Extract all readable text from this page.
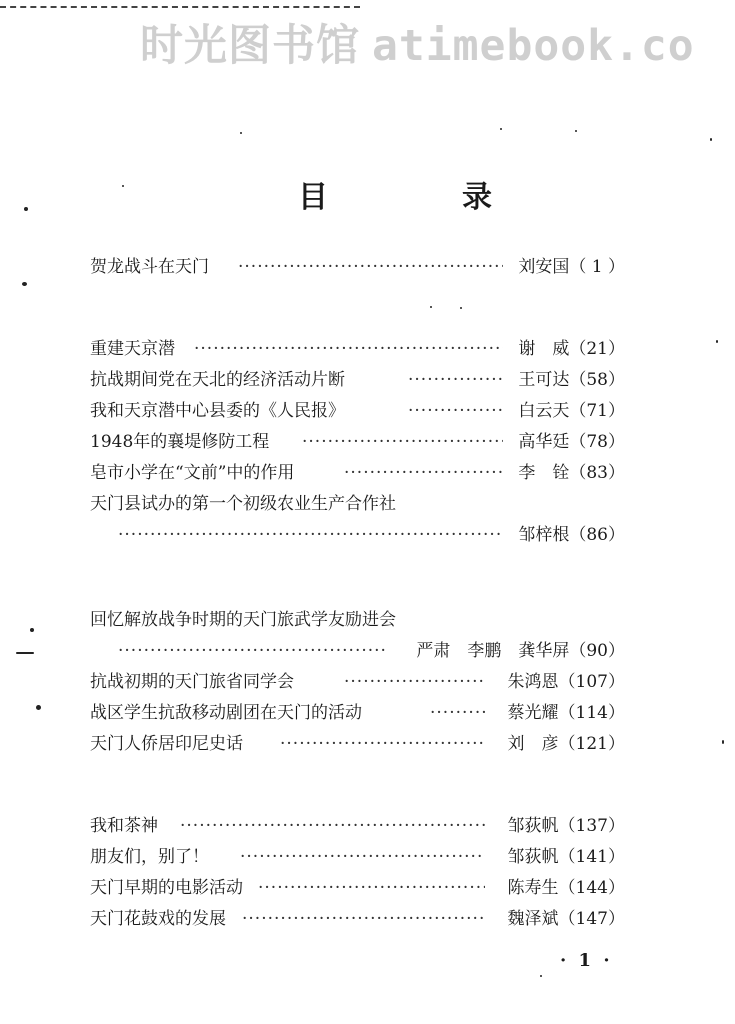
时光图书馆 atimebook.co
目　录
贺龙战斗在天门 ·····	刘安国（ 1 ）
重建天京潜 ·····	谢　威（21）
抗战期间党在天北的经济活动片断 ·····	王可达（58）
我和天京潜中心县委的《人民报》 ·····	白云天（71）
1948年的襄堤修防工程 ·····	高华廷（78）
皂市小学在“文前”中的作用 ·····	李　铨（83）
天门县试办的第一个初级农业生产合作社
·····
邹梓根（86）
回忆解放战争时期的天门旅武学友励进会
·····
严肃　李鹏　龚华屏（90）
抗战初期的天门旅省同学会 ·····	朱鸿恩（107）
战区学生抗敌移动剧团在天门的活动 ·····	蔡光耀（114）
天门人侨居印尼史话 ·····	刘　彦（121）
我和茶神 ·····	邹荻帆（137）
朋友们，别了！ ·····	邹荻帆（141）
天门早期的电影活动 ·····	陈寿生（144）
天门花鼓戏的发展 ·····	魏泽斌（147）
· 1 ·
